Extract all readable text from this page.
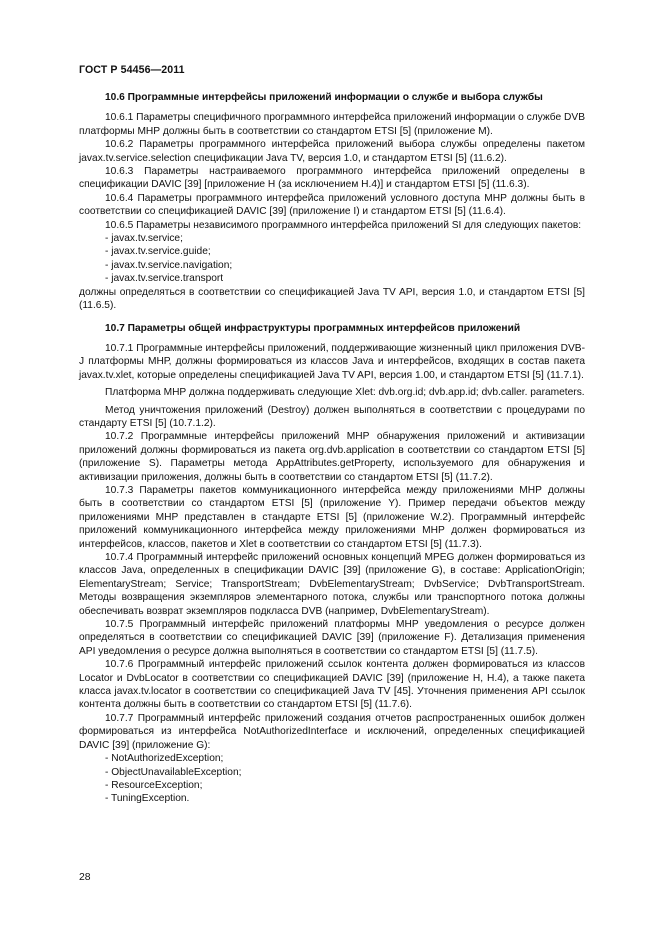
ГОСТ Р 54456—2011
10.6 Программные интерфейсы приложений информации о службе и выбора службы

10.6.1 Параметры специфичного программного интерфейса приложений информации о службе DVB платформы МНР должны быть в соответствии со стандартом ETSI [5] (приложение М).

10.6.2 Параметры программного интерфейса приложений выбора службы определены пакетом javax.tv.service.selection спецификации Java TV, версия 1.0, и стандартом ETSI [5] (11.6.2).

10.6.3 Параметры настраиваемого программного интерфейса приложений определены в спецификации DAVIC [39] [приложение Н (за исключением Н.4)] и стандартом ETSI [5] (11.6.3).

10.6.4 Параметры программного интерфейса приложений условного доступа МНР должны быть в соответствии со спецификацией DAVIC [39] (приложение I) и стандартом ETSI [5] (11.6.4).

10.6.5 Параметры независимого программного интерфейса приложений SI для следующих пакетов:

- javax.tv.service;
- javax.tv.service.guide;
- javax.tv.service.navigation;
- javax.tv.service.transport

должны определяться в соответствии со спецификацией Java TV API, версия 1.0, и стандартом ETSI [5] (11.6.5).

10.7 Параметры общей инфраструктуры программных интерфейсов приложений

10.7.1 Программные интерфейсы приложений, поддерживающие жизненный цикл приложения DVB-J платформы МНР, должны формироваться из классов Java и интерфейсов, входящих в состав пакета javax.tv.xlet, которые определены спецификацией Java TV API, версия 1.00, и стандартом ETSI [5] (11.7.1).

Платформа МНР должна поддерживать следующие Xlet: dvb.org.id; dvb.app.id; dvb.caller. parameters.

Метод уничтожения приложений (Destroy) должен выполняться в соответствии с процедурами по стандарту ETSI [5] (10.7.1.2).

10.7.2 Программные интерфейсы приложений МНР обнаружения приложений и активизации приложений должны формироваться из пакета org.dvb.application в соответствии со стандартом ETSI [5] (приложение S). Параметры метода AppAttributes.getProperty, используемого для обнаружения и активизации приложения, должны быть в соответствии со стандартом ETSI [5] (11.7.2).

10.7.3 Параметры пакетов коммуникационного интерфейса между приложениями МНР должны быть в соответствии со стандартом ETSI [5] (приложение Y). Пример передачи объектов между приложениями МНР представлен в стандарте ETSI [5] (приложение W.2). Программный интерфейс приложений коммуникационного интерфейса между приложениями МНР должен формироваться из интерфейсов, классов, пакетов и Xlet в соответствии со стандартом ETSI [5] (11.7.3).

10.7.4 Программный интерфейс приложений основных концепций MPEG должен формироваться из классов Java, определенных в спецификации DAVIC [39] (приложение G), в составе: ApplicationOrigin; ElementaryStream; Service; TransportStream; DvbElementaryStream; DvbService; DvbTransportStream. Методы возвращения экземпляров элементарного потока, службы или транспортного потока должны обеспечивать возврат экземпляров подкласса DVB (например, DvbElementaryStream).

10.7.5 Программный интерфейс приложений платформы МНР уведомления о ресурсе должен определяться в соответствии со спецификацией DAVIC [39] (приложение F). Детализация применения API уведомления о ресурсе должна выполняться в соответствии со стандартом ETSI [5] (11.7.5).

10.7.6 Программный интерфейс приложений ссылок контента должен формироваться из классов Locator и DvbLocator в соответствии со спецификацией DAVIC [39] (приложение Н, Н.4), а также пакета класса javax.tv.locator в соответствии со спецификацией Java TV [45]. Уточнения применения API ссылок контента должны быть в соответствии со стандартом ETSI [5] (11.7.6).

10.7.7 Программный интерфейс приложений создания отчетов распространенных ошибок должен формироваться из интерфейса NotAuthorizedInterface и исключений, определенных спецификацией DAVIC [39] (приложение G):

- NotAuthorizedException;
- ObjectUnavailableException;
- ResourceException;
- TuningException.
28
